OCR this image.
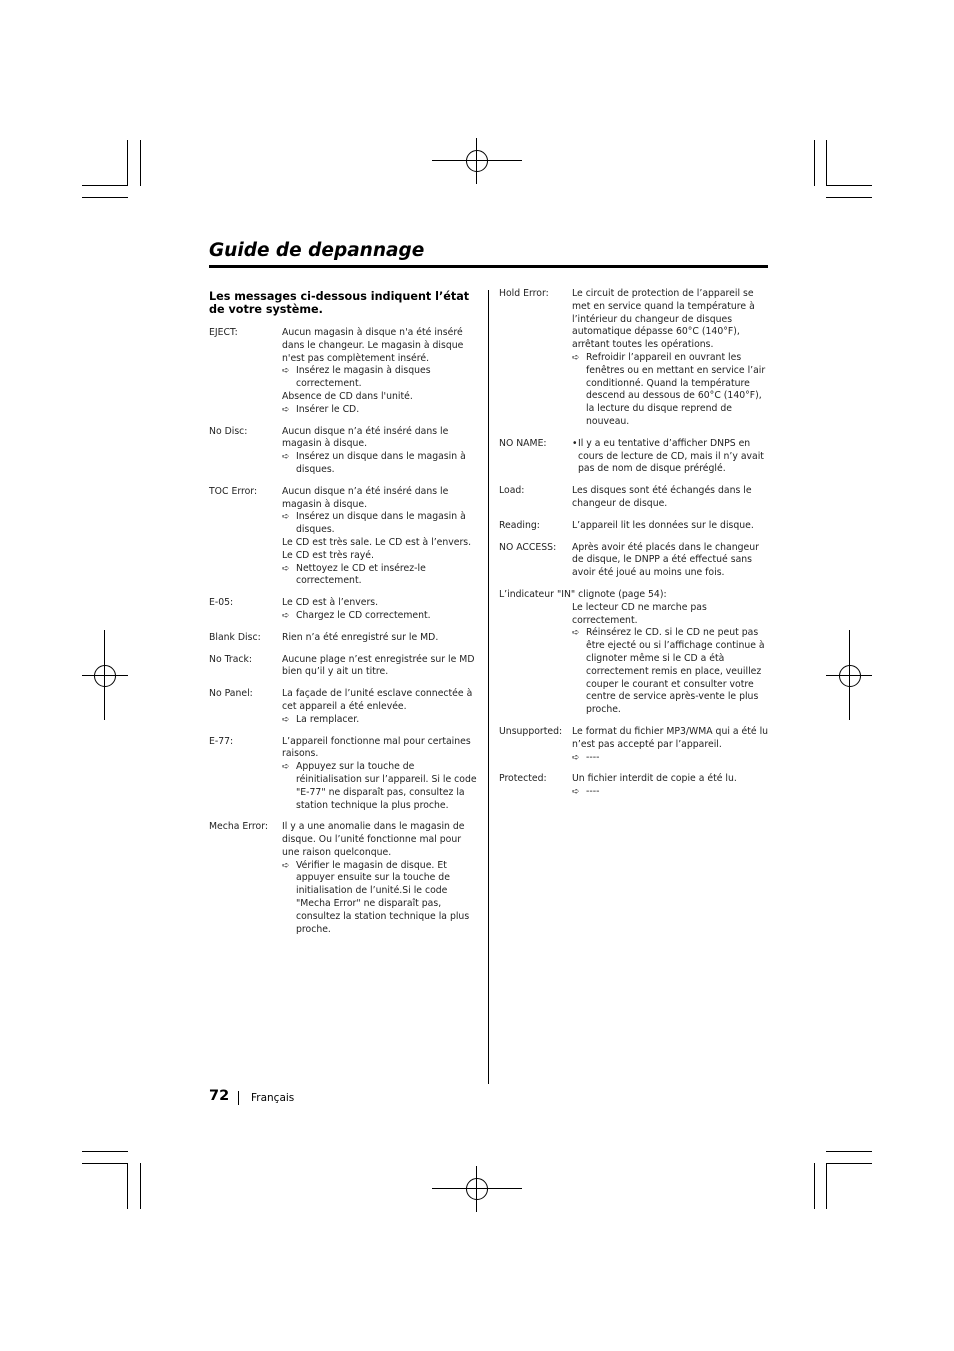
Guide de depannage
Les messages ci-dessous indiquent l’état de votre système.
EJECT:	Aucun magasin à disque n'a été inséré dans le changeur. Le magasin à disque n'est pas complètement inséré.

➪ Insérez le magasin à disques correctement.

Absence de CD dans l'unité.

➪ Insérer le CD.
No Disc:	Aucun disque n’a été inséré dans le magasin à disque.

➪ Insérez un disque dans le magasin à disques.
TOC Error:	Aucun disque n’a été inséré dans le magasin à disque.

➪ Insérez un disque dans le magasin à disques.

Le CD est très sale. Le CD est à l’envers. Le CD est très rayé.

➪ Nettoyez le CD et insérez-le correctement.
E-05:	Le CD est à l’envers.

➪ Chargez le CD correctement.
Blank Disc: Rien n’a été enregistré sur le MD.

No Track:	Aucune plage n’est enregistrée sur le MD bien qu’il y ait un titre.

No Panel:	La façade de l’unité esclave connectée à cet appareil a été enlevée.

➪ La remplacer.
E-77:	L’appareil fonctionne mal pour certaines raisons.

➪ Appuyez sur la touche de réinitialisation sur l’appareil. Si le code "E-77" ne disparaît pas, consultez la station technique la plus proche.
Mecha Error: Il y a une anomalie dans le magasin de disque. Ou l’unité fonctionne mal pour une raison quelconque.

➪ Vérifier le magasin de disque. Et appuyer ensuite sur la touche de initialisation de l’unité.Si le code "Mecha Error" ne disparaît pas, consultez la station technique la plus proche.
Hold Error:	Le circuit de protection de l’appareil se met en service quand la température à l’intérieur du changeur de disques automatique dépasse 60°C (140°F), arrêtant toutes les opérations.

➪ Refroidir l’appareil en ouvrant les fenêtres ou en mettant en service l’air conditionné. Quand la température descend au dessous de 60°C (140°F), la lecture du disque reprend de nouveau.
NO NAME:	• Il y a eu tentative d’afficher DNPS en cours de lecture de CD, mais il n’y avait pas de nom de disque préréglé.
Load:	Les disques sont été échangés dans le changeur de disque.

Reading:	L’appareil lit les données sur le disque.

NO ACCESS: Après avoir été placés dans le changeur de disque, le DNPP a été effectué sans avoir été joué au moins une fois.

L’indicateur "IN" clignote (page 54):

Le lecteur CD ne marche pas correctement.

➪ Réinsérez le CD. si le CD ne peut pas être ejecté ou si l’affichage continue à clignoter même si le CD a étà correctement remis en place, veuillez couper le courant et consulter votre centre de service après-vente le plus proche.
Unsupported: Le format du fichier MP3/WMA qui a été lu n’est pas accepté par l’appareil.

➪ ----
Protected:	Un fichier interdit de copie a été lu.

➪ ----
72 Français
